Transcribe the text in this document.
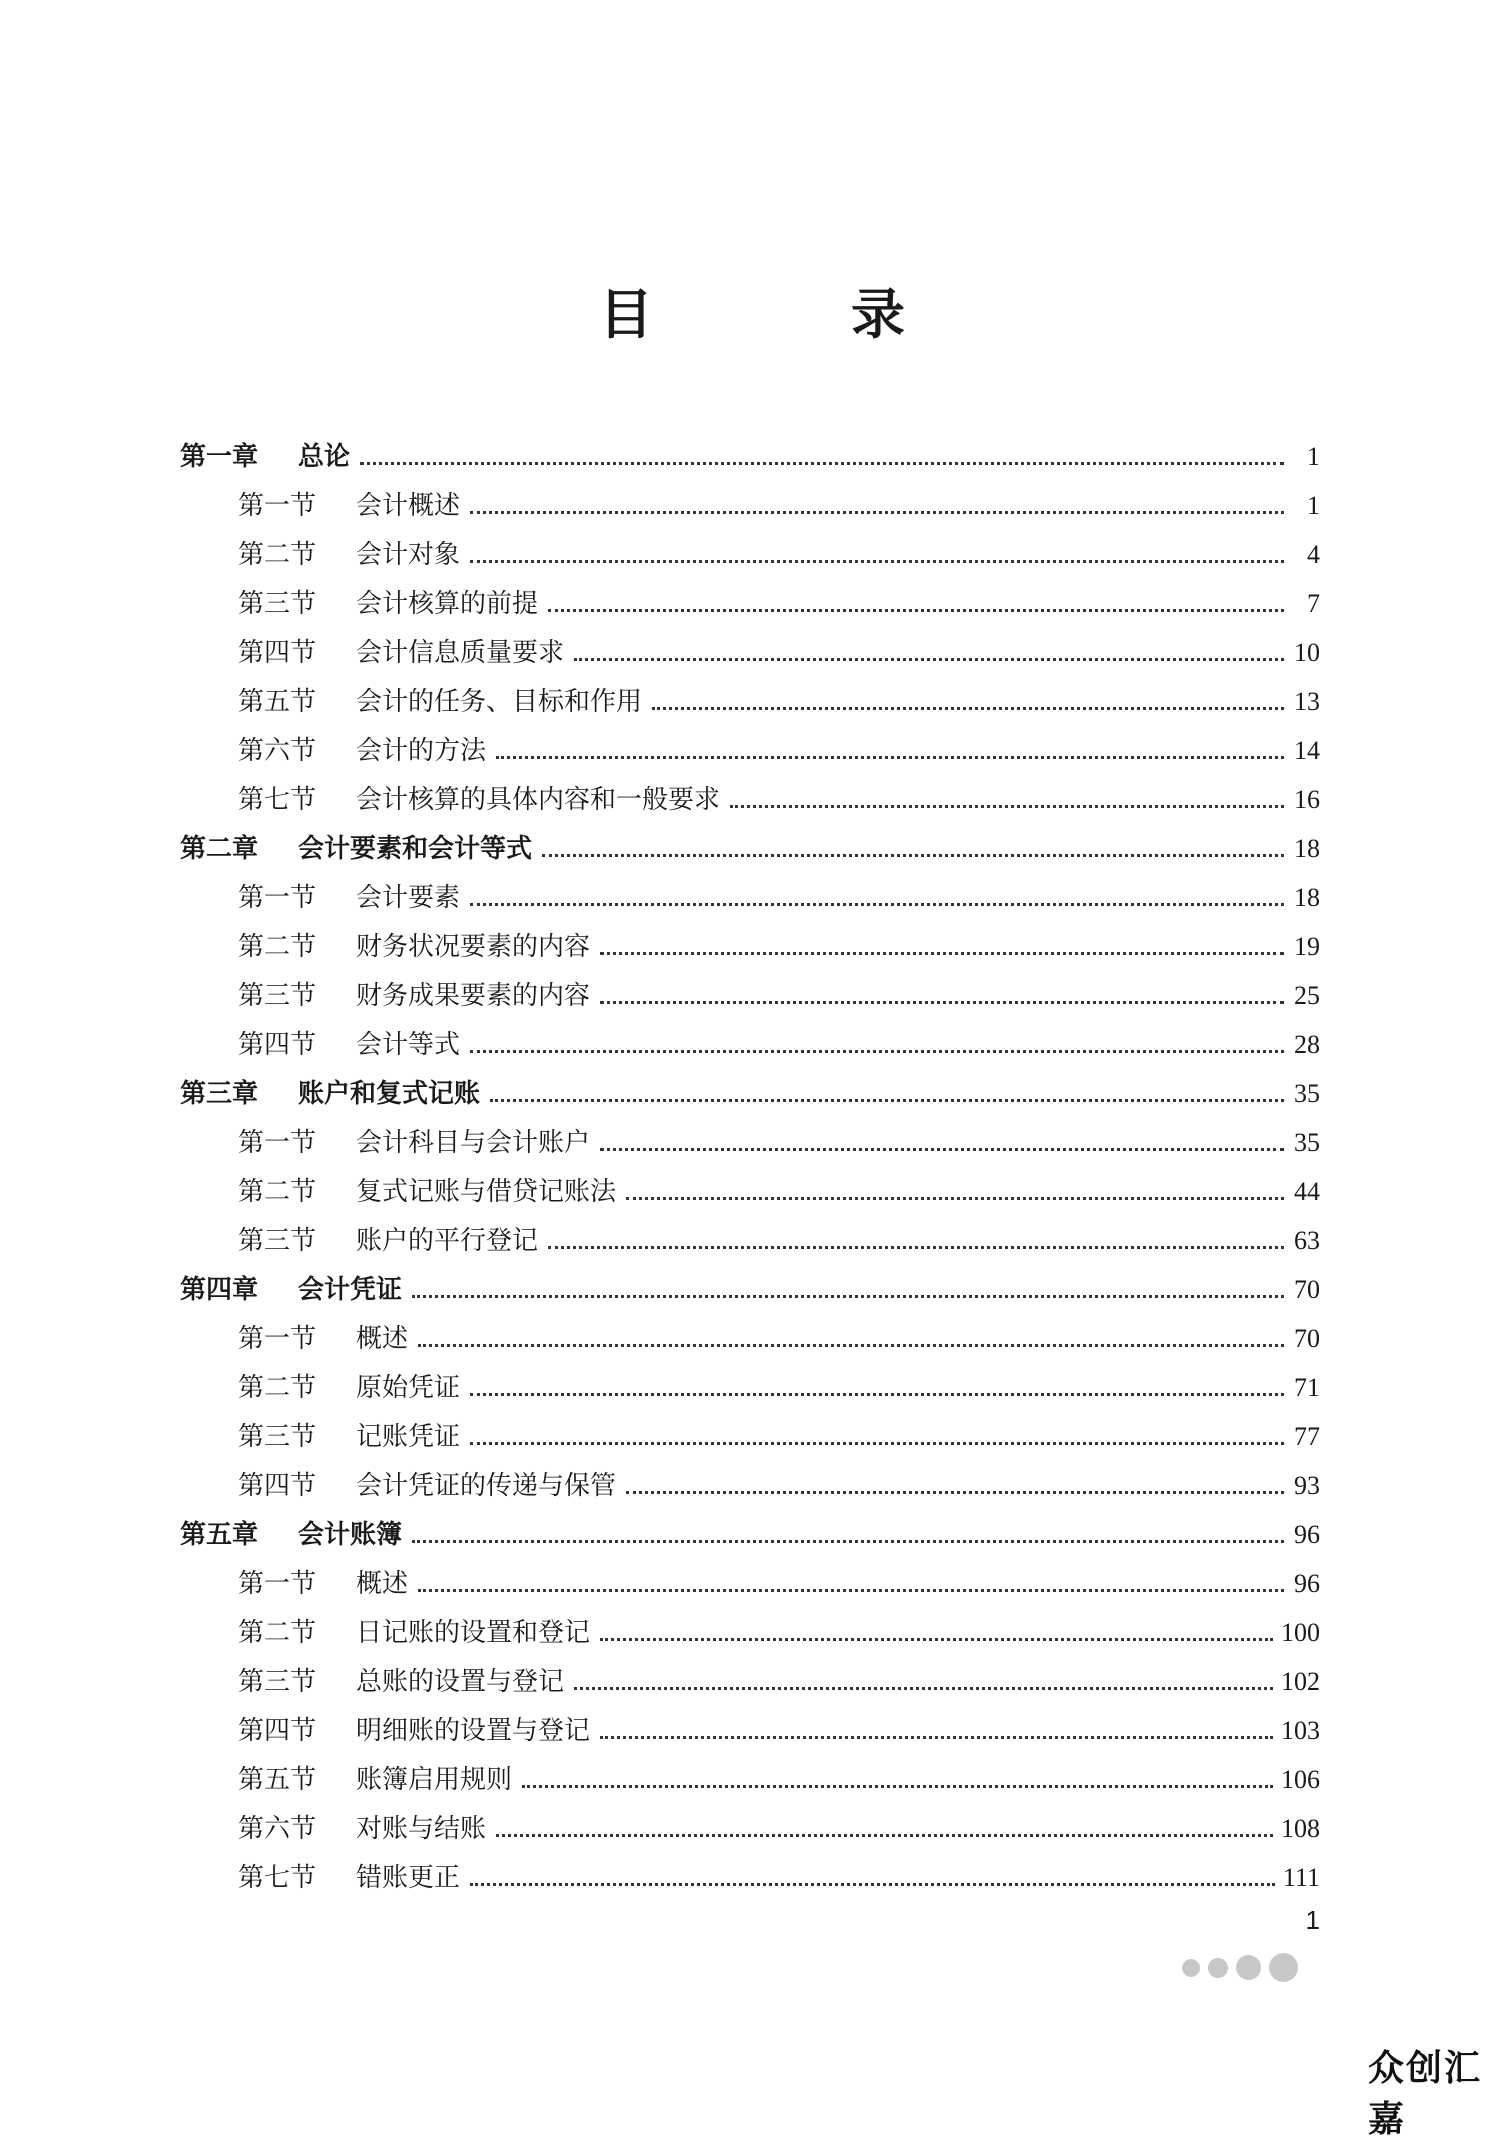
目　录
第一章	总论	1
第一节	会计概述	1
第二节	会计对象	4
第三节	会计核算的前提	7
第四节	会计信息质量要求	10
第五节	会计的任务、目标和作用	13
第六节	会计的方法	14
第七节	会计核算的具体内容和一般要求	16
第二章	会计要素和会计等式	18
第一节	会计要素	18
第二节	财务状况要素的内容	19
第三节	财务成果要素的内容	25
第四节	会计等式	28
第三章	账户和复式记账	35
第一节	会计科目与会计账户	35
第二节	复式记账与借贷记账法	44
第三节	账户的平行登记	63
第四章	会计凭证	70
第一节	概述	70
第二节	原始凭证	71
第三节	记账凭证	77
第四节	会计凭证的传递与保管	93
第五章	会计账簿	96
第一节	概述	96
第二节	日记账的设置和登记	100
第三节	总账的设置与登记	102
第四节	明细账的设置与登记	103
第五节	账簿启用规则	106
第六节	对账与结账	108
第七节	错账更正	111
1
众创汇嘉
